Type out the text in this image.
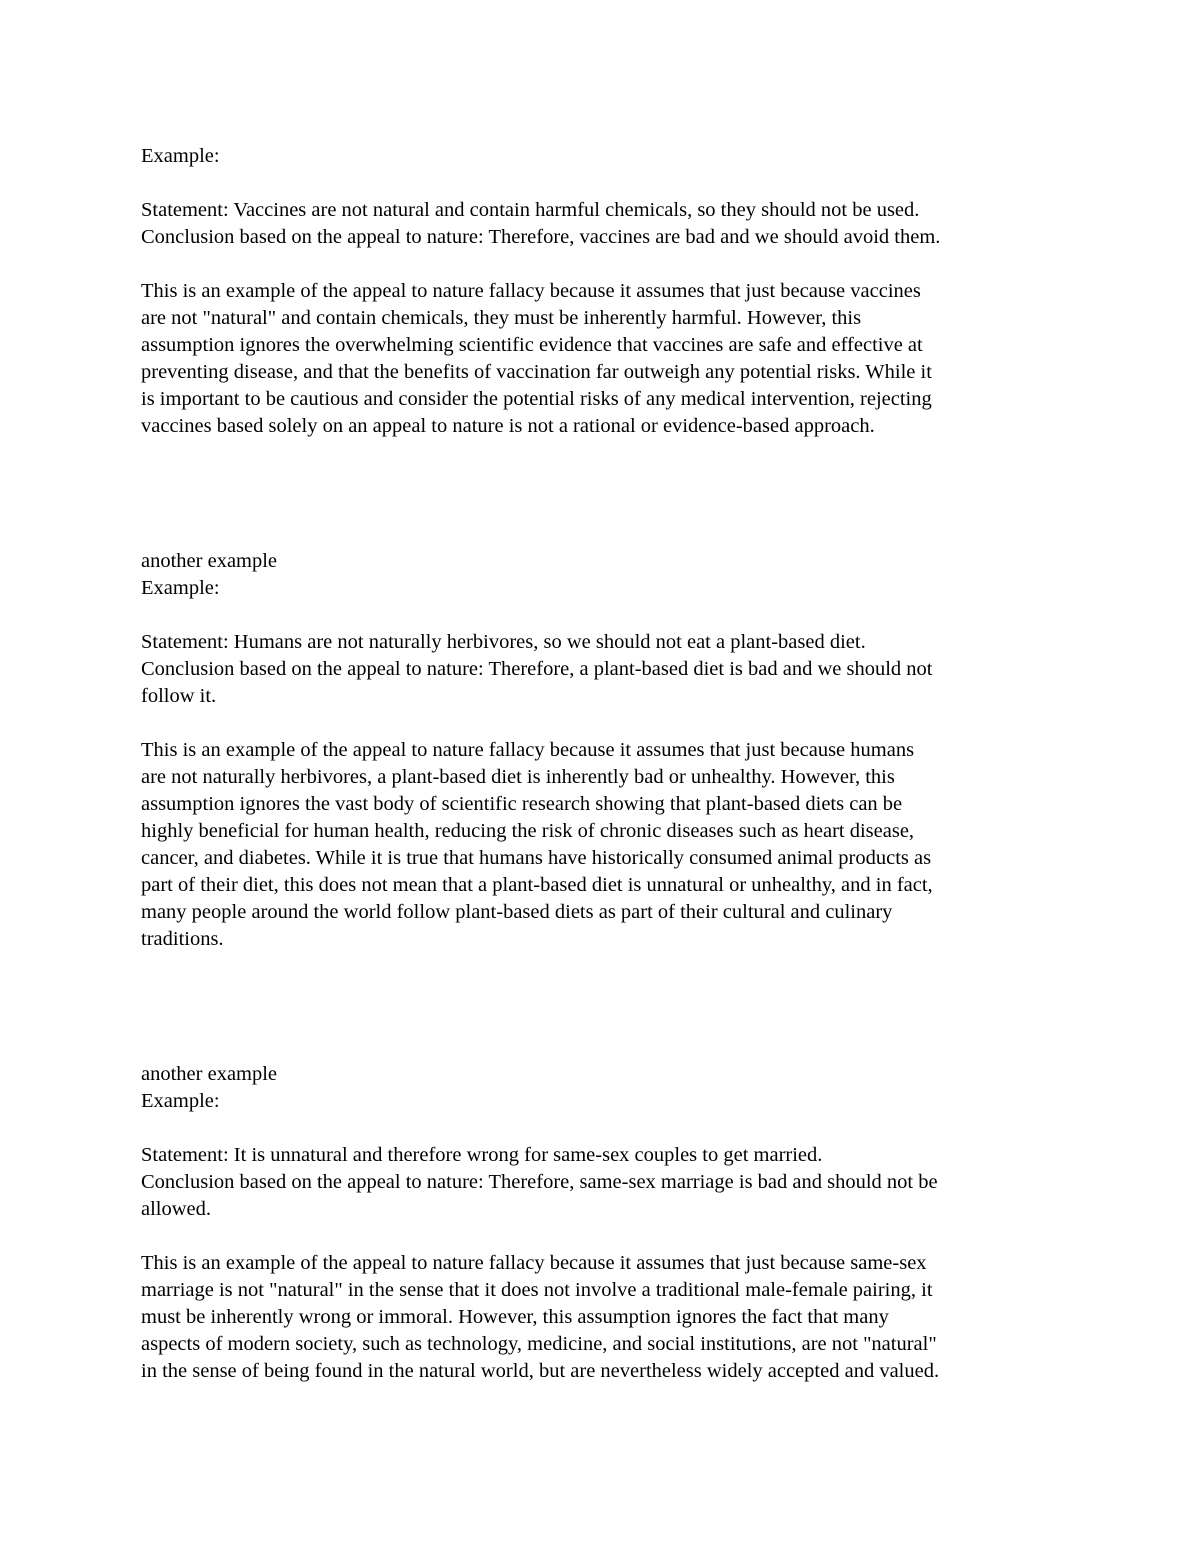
Example:
Statement: Vaccines are not natural and contain harmful chemicals, so they should not be used.
Conclusion based on the appeal to nature: Therefore, vaccines are bad and we should avoid them.
This is an example of the appeal to nature fallacy because it assumes that just because vaccines
are not "natural" and contain chemicals, they must be inherently harmful. However, this
assumption ignores the overwhelming scientific evidence that vaccines are safe and effective at
preventing disease, and that the benefits of vaccination far outweigh any potential risks. While it
is important to be cautious and consider the potential risks of any medical intervention, rejecting
vaccines based solely on an appeal to nature is not a rational or evidence-based approach.
another example
Example:
Statement: Humans are not naturally herbivores, so we should not eat a plant-based diet.
Conclusion based on the appeal to nature: Therefore, a plant-based diet is bad and we should not
follow it.
This is an example of the appeal to nature fallacy because it assumes that just because humans
are not naturally herbivores, a plant-based diet is inherently bad or unhealthy. However, this
assumption ignores the vast body of scientific research showing that plant-based diets can be
highly beneficial for human health, reducing the risk of chronic diseases such as heart disease,
cancer, and diabetes. While it is true that humans have historically consumed animal products as
part of their diet, this does not mean that a plant-based diet is unnatural or unhealthy, and in fact,
many people around the world follow plant-based diets as part of their cultural and culinary
traditions.
another example
Example:
Statement: It is unnatural and therefore wrong for same-sex couples to get married.
Conclusion based on the appeal to nature: Therefore, same-sex marriage is bad and should not be
allowed.
This is an example of the appeal to nature fallacy because it assumes that just because same-sex
marriage is not "natural" in the sense that it does not involve a traditional male-female pairing, it
must be inherently wrong or immoral. However, this assumption ignores the fact that many
aspects of modern society, such as technology, medicine, and social institutions, are not "natural"
in the sense of being found in the natural world, but are nevertheless widely accepted and valued.
